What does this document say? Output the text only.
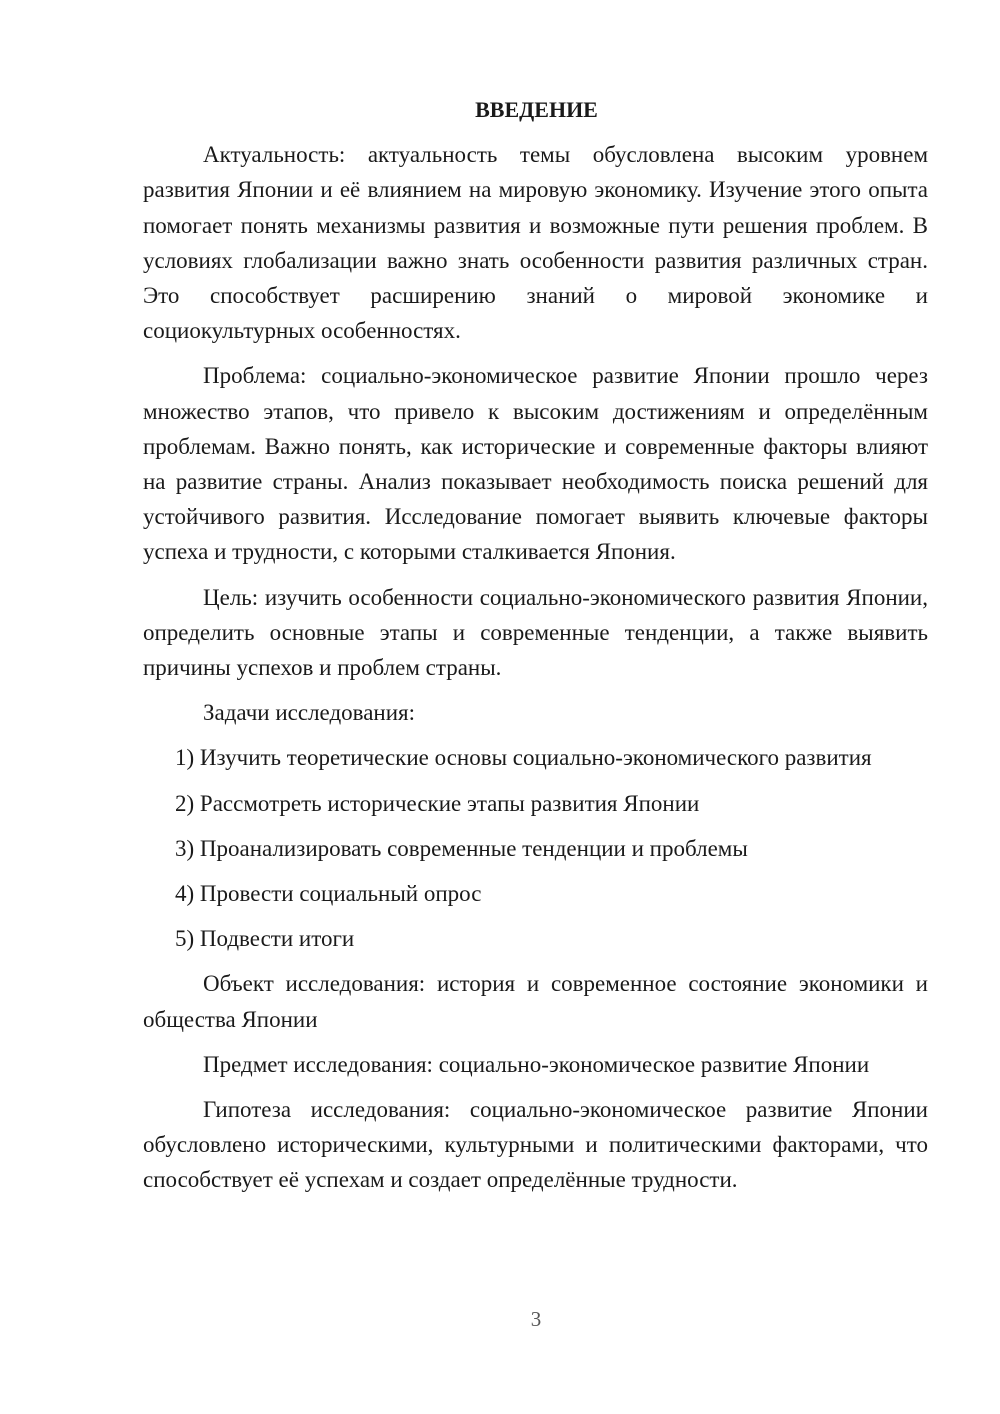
ВВЕДЕНИЕ

Актуальность: актуальность темы обусловлена высоким уровнем развития Японии и её влиянием на мировую экономику. Изучение этого опыта помогает понять механизмы развития и возможные пути решения проблем. В условиях глобализации важно знать особенности развития различных стран. Это способствует расширению знаний о мировой экономике и социокультурных особенностях.

Проблема: социально-экономическое развитие Японии прошло через множество этапов, что привело к высоким достижениям и определённым проблемам. Важно понять, как исторические и современные факторы влияют на развитие страны. Анализ показывает необходимость поиска решений для устойчивого развития. Исследование помогает выявить ключевые факторы успеха и трудности, с которыми сталкивается Япония.

Цель: изучить особенности социально-экономического развития Японии, определить основные этапы и современные тенденции, а также выявить причины успехов и проблем страны.

Задачи исследования:

1) Изучить теоретические основы социально-экономического развития

2) Рассмотреть исторические этапы развития Японии

3) Проанализировать современные тенденции и проблемы

4) Провести социальный опрос

5) Подвести итоги

Объект исследования: история и современное состояние экономики и общества Японии

Предмет исследования: социально-экономическое развитие Японии

Гипотеза исследования: социально-экономическое развитие Японии обусловлено историческими, культурными и политическими факторами, что способствует её успехам и создает определённые трудности.

3
